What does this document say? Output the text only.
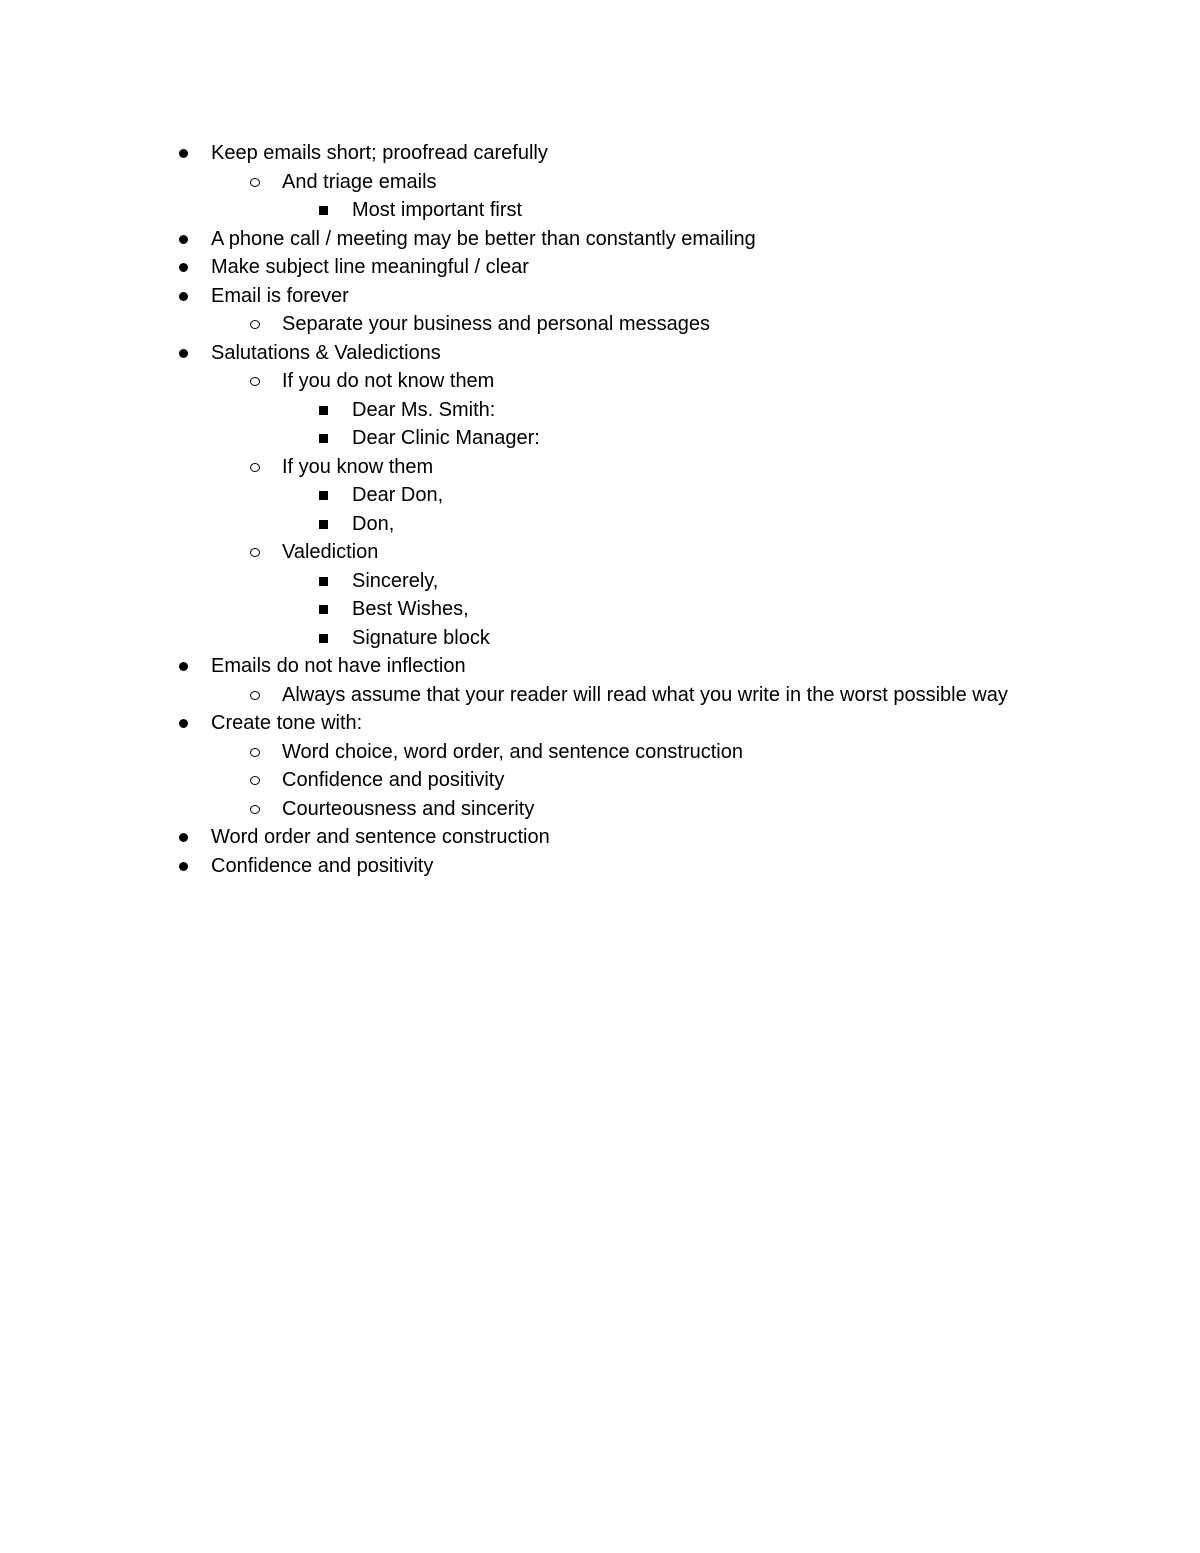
Keep emails short; proofread carefully
And triage emails
Most important first
A phone call / meeting may be better than constantly emailing
Make subject line meaningful / clear
Email is forever
Separate your business and personal messages
Salutations & Valedictions
If you do not know them
Dear Ms. Smith:
Dear Clinic Manager:
If you know them
Dear Don,
Don,
Valediction
Sincerely,
Best Wishes,
Signature block
Emails do not have inflection
Always assume that your reader will read what you write in the worst possible way
Create tone with:
Word choice, word order, and sentence construction
Confidence and positivity
Courteousness and sincerity
Word order and sentence construction
Confidence and positivity
